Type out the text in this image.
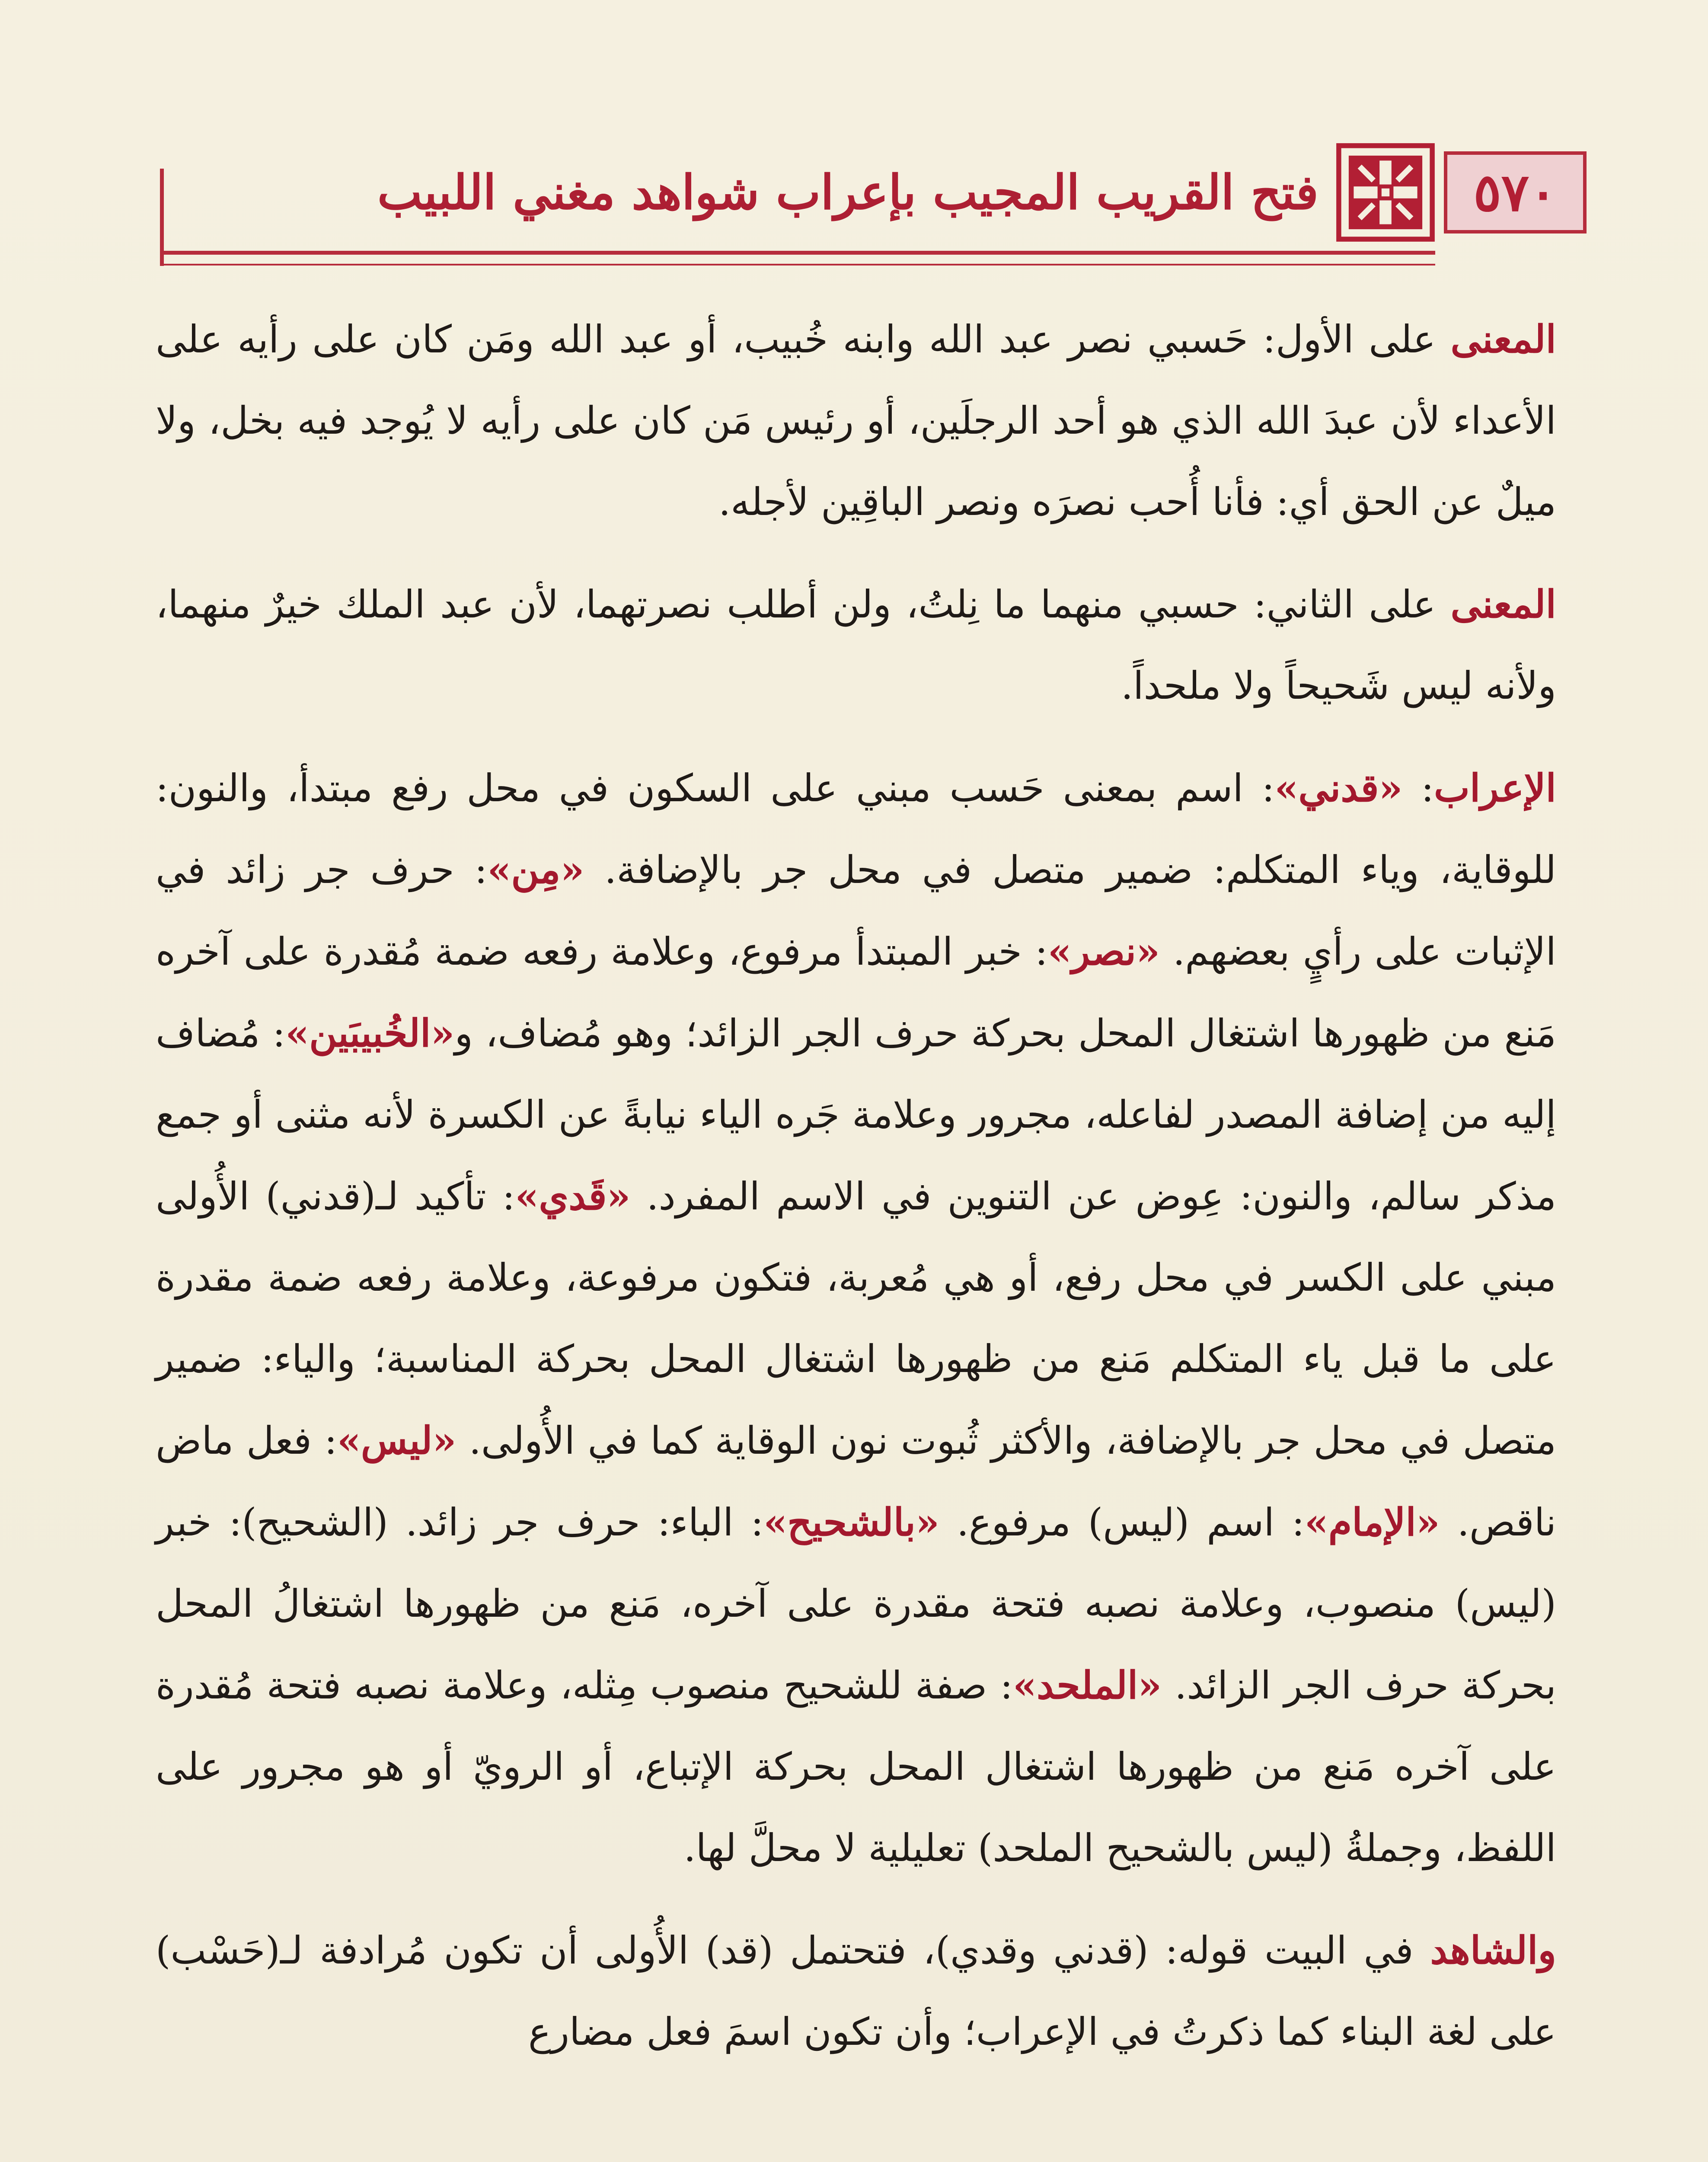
٥٧٠
فتح القريب المجيب بإعراب شواهد مغني اللبيب

المعنى على الأول: حَسبي نصر عبد الله وابنه خُبيب، أو عبد الله ومَن كان على رأيه على الأعداء لأن عبدَ الله الذي هو أحد الرجلَين، أو رئيس مَن كان على رأيه لا يُوجد فيه بخل، ولا ميلٌ عن الحق أي: فأنا أُحب نصرَه ونصر الباقِين لأجله.

المعنى على الثاني: حسبي منهما ما نِلتُ، ولن أطلب نصرتهما، لأن عبد الملك خيرٌ منهما، ولأنه ليس شَحيحاً ولا ملحداً.

الإعراب: «قدني»: اسم بمعنى حَسب مبني على السكون في محل رفع مبتدأ، والنون: للوقاية، وياء المتكلم: ضمير متصل في محل جر بالإضافة. «مِن»: حرف جر زائد في الإثبات على رأيٍ بعضهم. «نصر»: خبر المبتدأ مرفوع، وعلامة رفعه ضمة مُقدرة على آخره مَنع من ظهورها اشتغال المحل بحركة حرف الجر الزائد؛ وهو مُضاف، و«الخُبيبَين»: مُضاف إليه من إضافة المصدر لفاعله، مجرور وعلامة جَره الياء نيابةً عن الكسرة لأنه مثنى أو جمع مذكر سالم، والنون: عِوض عن التنوين في الاسم المفرد. «قَدي»: تأكيد لـ(قدني) الأُولى مبني على الكسر في محل رفع، أو هي مُعربة، فتكون مرفوعة، وعلامة رفعه ضمة مقدرة على ما قبل ياء المتكلم مَنع من ظهورها اشتغال المحل بحركة المناسبة؛ والياء: ضمير متصل في محل جر بالإضافة، والأكثر ثُبوت نون الوقاية كما في الأُولى. «ليس»: فعل ماض ناقص. «الإمام»: اسم (ليس) مرفوع. «بالشحيح»: الباء: حرف جر زائد. (الشحيح): خبر (ليس) منصوب، وعلامة نصبه فتحة مقدرة على آخره، مَنع من ظهورها اشتغالُ المحل بحركة حرف الجر الزائد. «الملحد»: صفة للشحيح منصوب مِثله، وعلامة نصبه فتحة مُقدرة على آخره مَنع من ظهورها اشتغال المحل بحركة الإتباع، أو الرويّ أو هو مجرور على اللفظ، وجملةُ (ليس بالشحيح الملحد) تعليلية لا محلَّ لها.

والشاهد في البيت قوله: (قدني وقدي)، فتحتمل (قد) الأُولى أن تكون مُرادفة لـ(حَسْب) على لغة البناء كما ذكرتُ في الإعراب؛ وأن تكون اسمَ فعل مضارع
